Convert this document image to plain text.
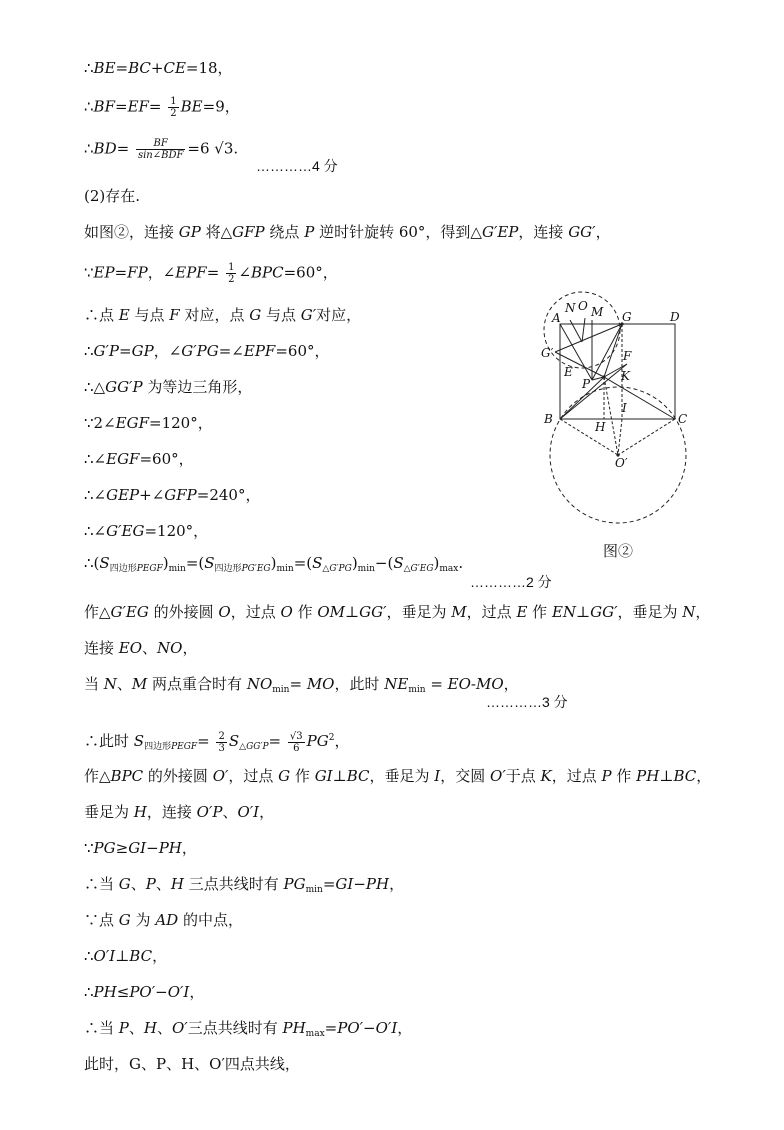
∴BE=BC+CE=18，
∴BF=EF= $\frac{1}{2} BE=9$，
∴BD= $\frac{BF}{\text{sin∠BDF}} =6$ √3.
…………4 分
(2)存在.
如图②，连接 GP 将△GFP 绕点 P 逆时针旋转 60°，得到△G′EP，连接 GG′，
∵EP=FP，∠EPF= $\frac{1}{2}$ ∠BPC=60°，
∴点 E 与点 F 对应，点 G 与点 G′对应，
∴G′P=GP，∠G′PG=∠EPF=60°，
∴△GG′P 为等边三角形，
∵2∠EGF=120°，
∴∠EGF=60°，
∴∠GEP+∠GFP=240°，
∴∠G′EG=120°，
$\therefore(S_{四边形PEGF})_{min}=(S_{四边形PG'EG})_{min}=(S_{\triangle G'PG})_{min}-(S_{\triangle G'EG})_{max}$.
…………2 分
作△G′EG 的外接圆 O，过点 O 作 OM⊥GG′，垂足为 M，过点 E 作 EN⊥GG′，垂足为 N，
连接 EO、NO，
当 N、M 两点重合时有 $NO_{min}=$ MO，此时 $NE_{min} = EO-MO$，
…………3 分
∴此时 $S_{四边形PEGF}= \frac{2}{3} S_{\triangle GG'P}= \frac{√3}{6} PG^2$，
作△BPC 的外接圆 O′，过点 G 作 GI⊥BC，垂足为 I，交圆 O′于点 K，过点 P 作 PH⊥BC，
垂足为 H，连接 O′P、O′I，
∵PG≥GI−PH，
∴当 G、P、H 三点共线时有 $PG_{min}=GI-PH$，
∵点 G 为 AD 的中点，
∴O′I⊥BC，
∴PH≤PO′−O′I，
∴当 P、H、O′三点共线时有 $PH_{max}=PO'-O'I$，
此时，G、P、H、O′四点共线，
N O M
A	G	D
G′	F
E
P
K
B
I
C
H
O′
图②
